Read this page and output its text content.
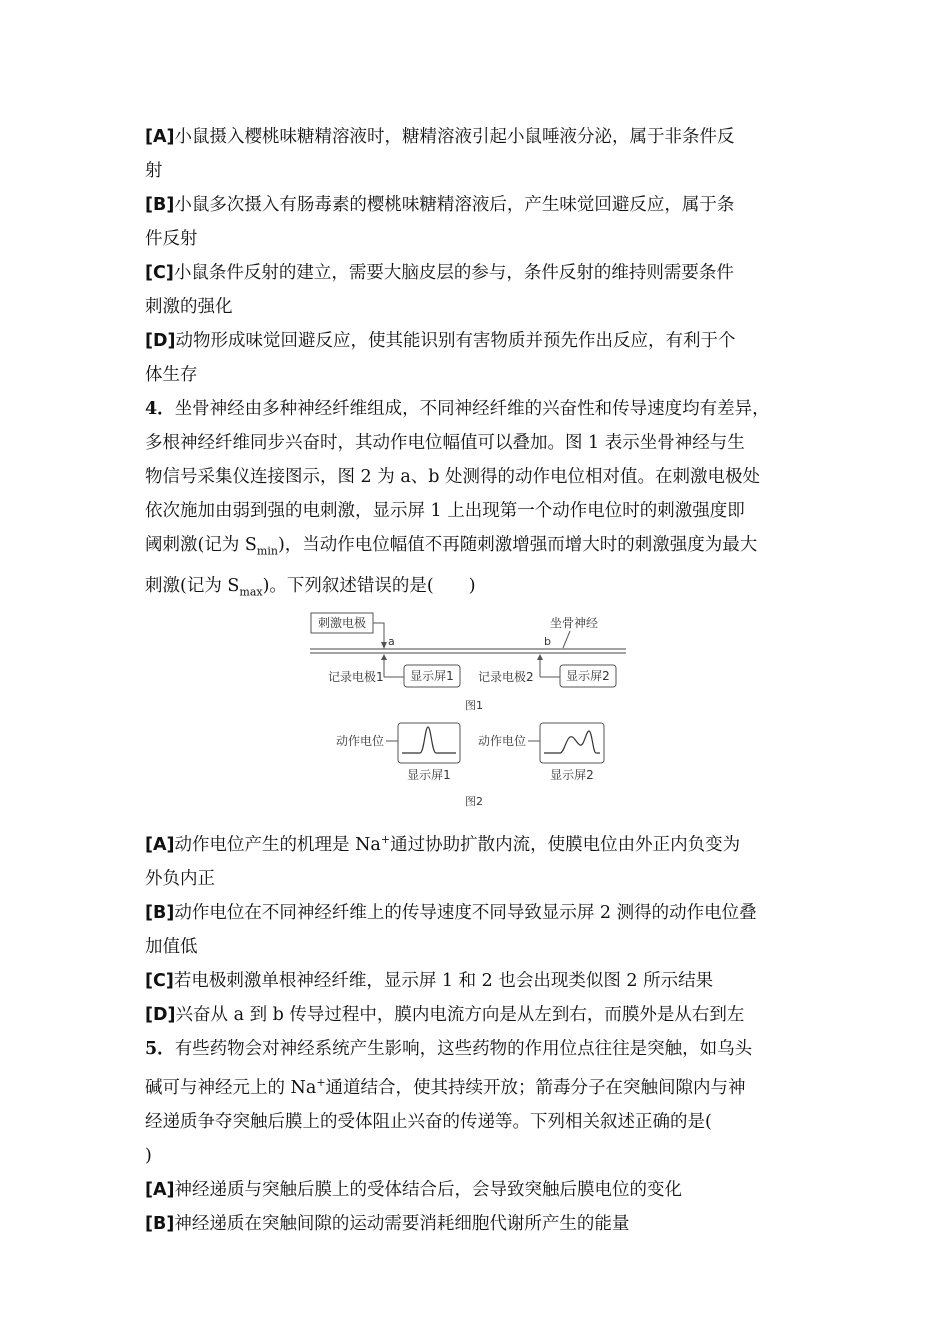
[A]小鼠摄入樱桃味糖精溶液时，糖精溶液引起小鼠唾液分泌，属于非条件反

射

[B]小鼠多次摄入有肠毒素的樱桃味糖精溶液后，产生味觉回避反应，属于条

件反射

[C]小鼠条件反射的建立，需要大脑皮层的参与，条件反射的维持则需要条件

刺激的强化

[D]动物形成味觉回避反应，使其能识别有害物质并预先作出反应，有利于个

体生存

4．坐骨神经由多种神经纤维组成，不同神经纤维的兴奋性和传导速度均有差异，

多根神经纤维同步兴奋时，其动作电位幅值可以叠加。图 1 表示坐骨神经与生

物信号采集仪连接图示，图 2 为 a、b 处测得的动作电位相对值。在刺激电极处

依次施加由弱到强的电刺激，显示屏 1 上出现第一个动作电位时的刺激强度即

阈刺激(记为 $S_{min}$)，当动作电位幅值不再随刺激增强而增大时的刺激强度为最大

刺激(记为 $S_{max}$)。下列叙述错误的是(　　)

刺激电极
a	b
坐骨神经
记录电极1 显示屏1 记录电极2	显示屏2
图1
动作电位
显示屏1
动作电位
显示屏2
图2

[A]动作电位产生的机理是 Na+通过协助扩散内流，使膜电位由外正内负变为

外负内正

[B]动作电位在不同神经纤维上的传导速度不同导致显示屏 2 测得的动作电位叠

加值低

[C]若电极刺激单根神经纤维，显示屏 1 和 2 也会出现类似图 2 所示结果

[D]兴奋从 a 到 b 传导过程中，膜内电流方向是从左到右，而膜外是从右到左

5．有些药物会对神经系统产生影响，这些药物的作用位点往往是突触，如乌头

碱可与神经元上的 Na+通道结合，使其持续开放；箭毒分子在突触间隙内与神

经递质争夺突触后膜上的受体阻止兴奋的传递等。下列相关叙述正确的是(

)

[A]神经递质与突触后膜上的受体结合后，会导致突触后膜电位的变化

[B]神经递质在突触间隙的运动需要消耗细胞代谢所产生的能量
